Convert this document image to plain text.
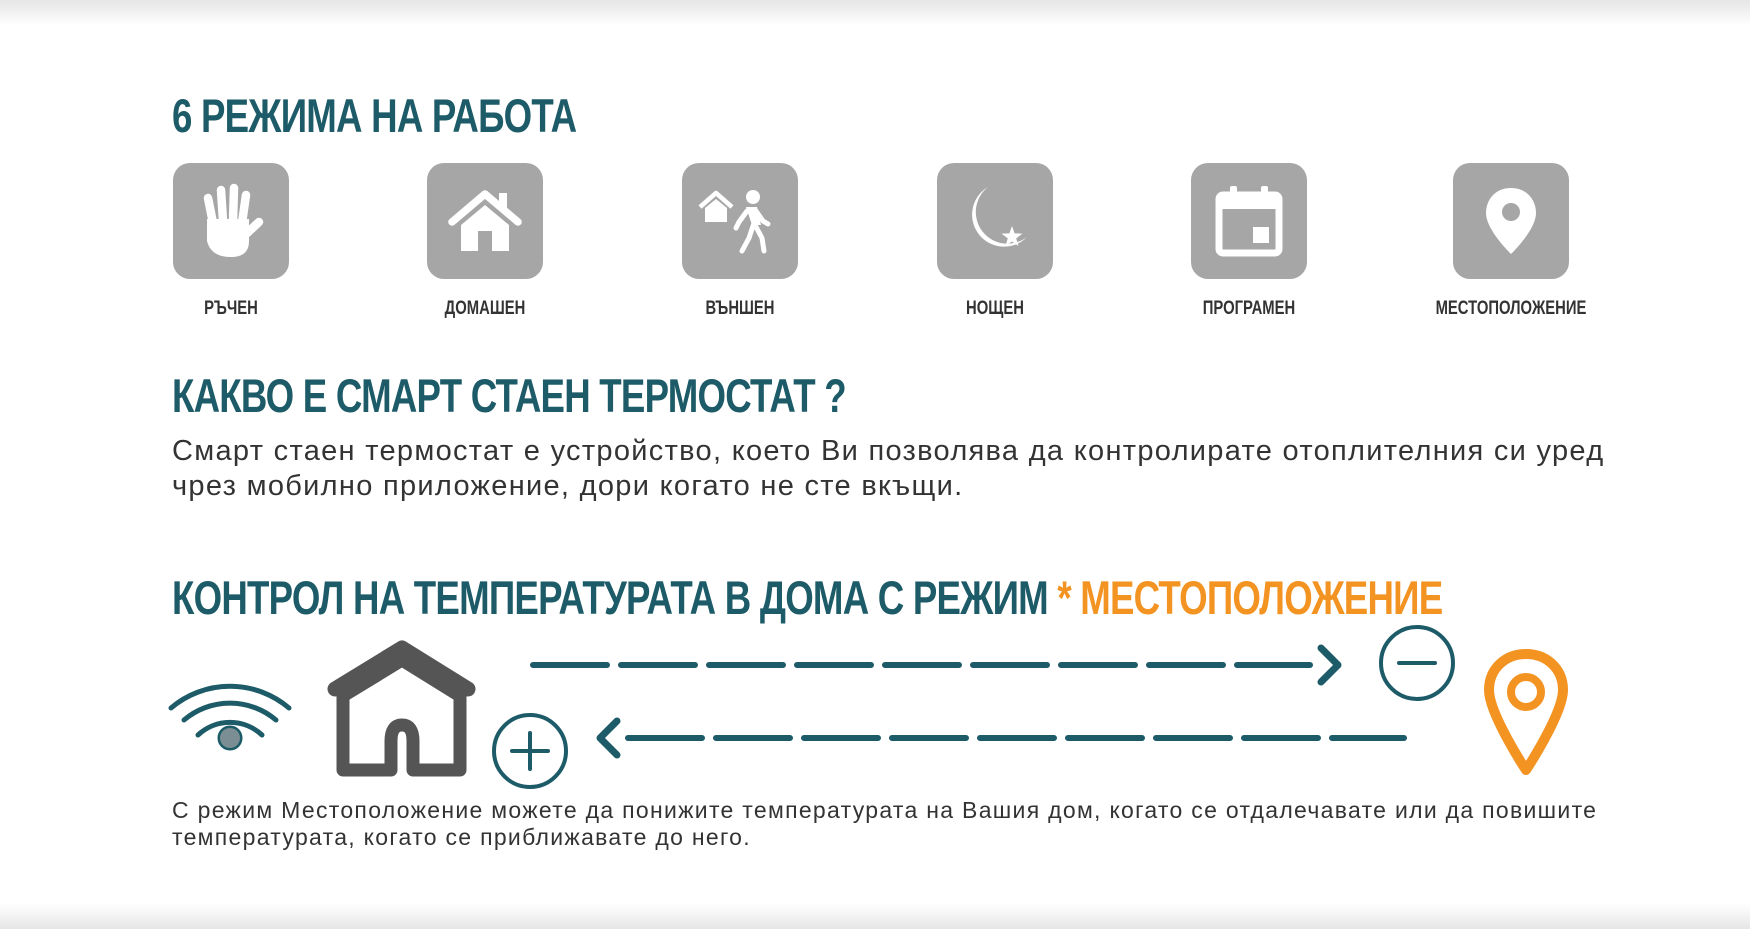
6 РЕЖИМА НА РАБОТА
РЪЧЕН	ДОМАШЕН	ВЪНШЕН	НОЩЕН	ПРОГРАМЕН	МЕСТОПОЛОЖЕНИЕ
КАКВО Е СМАРТ СТАЕН ТЕРМОСТАТ ?
Смарт стаен термостат е устройство, което Ви позволява да контролирате отоплителния си уред
чрез мобилно приложение, дори когато не сте вкъщи.
КОНТРОЛ НА ТЕМПЕРАТУРАТА В ДОМА С РЕЖИМ * МЕСТОПОЛОЖЕНИЕ
С режим Местоположение можете да понижите температурата на Вашия дом, когато се отдалечавате или да повишите
температурата, когато се приближавате до него.
